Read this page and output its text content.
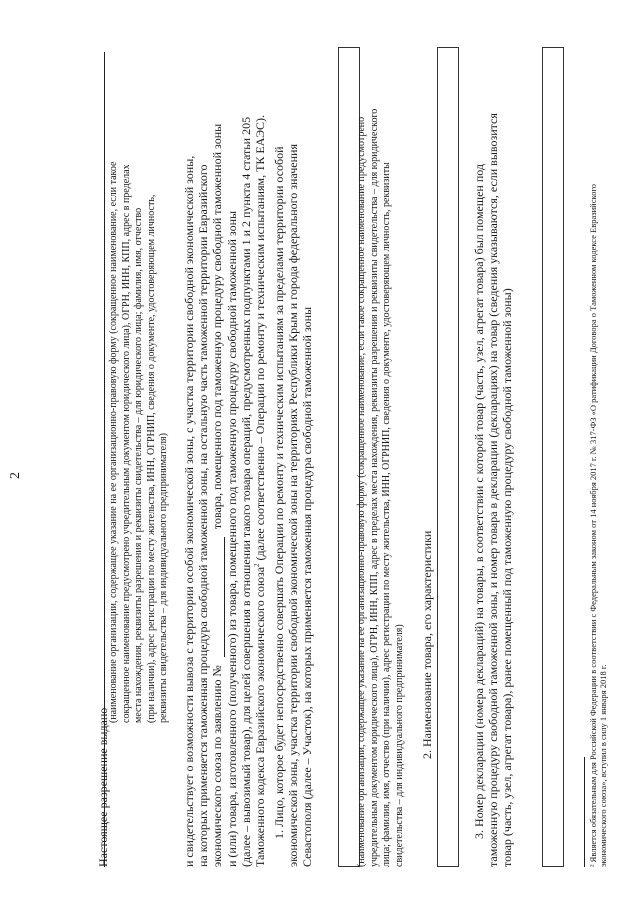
2
Настоящее разрешение выдано
(наименование организации, содержащее указание на ее организационно-правовую форму (сокращенное наименование, если такое сокращенное наименование предусмотрено учредительным документом юридического лица), ОГРН, ИНН, КПП, адрес в пределах места нахождения, реквизиты разрешения и реквизиты свидетельства – для юридического лица; фамилия, имя, отчество (при наличии), адрес регистрации по месту жительства, ИНН, ОГРНИП, сведения о документе, удостоверяющем личность, реквизиты свидетельства – для индивидуального предпринимателя) и свидетельствует о возможности вывоза с территории особой экономической зоны, с участка территории свободной экономической зоны, на которых применяется таможенная процедура свободной таможенной зоны, на остальную часть таможенной территории Евразийского экономического союза по заявлению №
товара, помещенного под таможенную процедуру свободной таможенной зоны и (или) товара, изготовленного (полученного) из товара, помещенного под таможенную процедуру свободной таможенной зоны (далее – вывозимый товар), для целей совершения в отношении такого товара операций, предусмотренных подпунктами 1 и 2 пункта 4 статьи 205 Таможенного кодекса Евразийского экономического союза$^2$ (далее соответственно – Операции по ремонту и техническим испытаниям, ТК ЕАЭС). 1. Лицо, которое будет непосредственно совершать Операции по ремонту и техническим испытаниям за пределами территории особой экономической зоны, участка территории свободной экономической зоны на территориях Республики Крым и города федерального значения Севастополя (далее – Участок), на которых применяется таможенная процедура свободной таможенной зоны	(наименование организации, содержащее указание на ее организационно-правовую форму (сокращенное наименование, если такое сокращенное наименование предусмотрено учредительным документом юридического лица), ОГРН, ИНН, КПП, адрес в пределах места нахождения, реквизиты разрешения и реквизиты свидетельства – для юридического лица; фамилия, имя, отчество (при наличии), адрес регистрации по месту жительства, ИНН, ОГРНИП, сведения о документе, удостоверяющем личность, реквизиты свидетельства – для индивидуального предпринимателя) 2. Наименование товара, его характеристики	3. Номер декларации (номера деклараций) на товары, в соответствии с которой товар (часть, узел, агрегат товара) был помещен под таможенную процедуру свободной таможенной зоны, и номер товара в декларации (декларациях) на товар (сведения указываются, если вывозится товар (часть, узел, агрегат товара), ранее помещенный под таможенную процедуру свободной таможенной зоны)	² Является обязательным для Российской Федерации в соответствии с Федеральным законом от 14 ноября 2017 г. № 317-ФЗ «О ратификации Договора о Таможенном кодексе Евразийского экономического союза», вступил в силу 1 января 2018 г.
